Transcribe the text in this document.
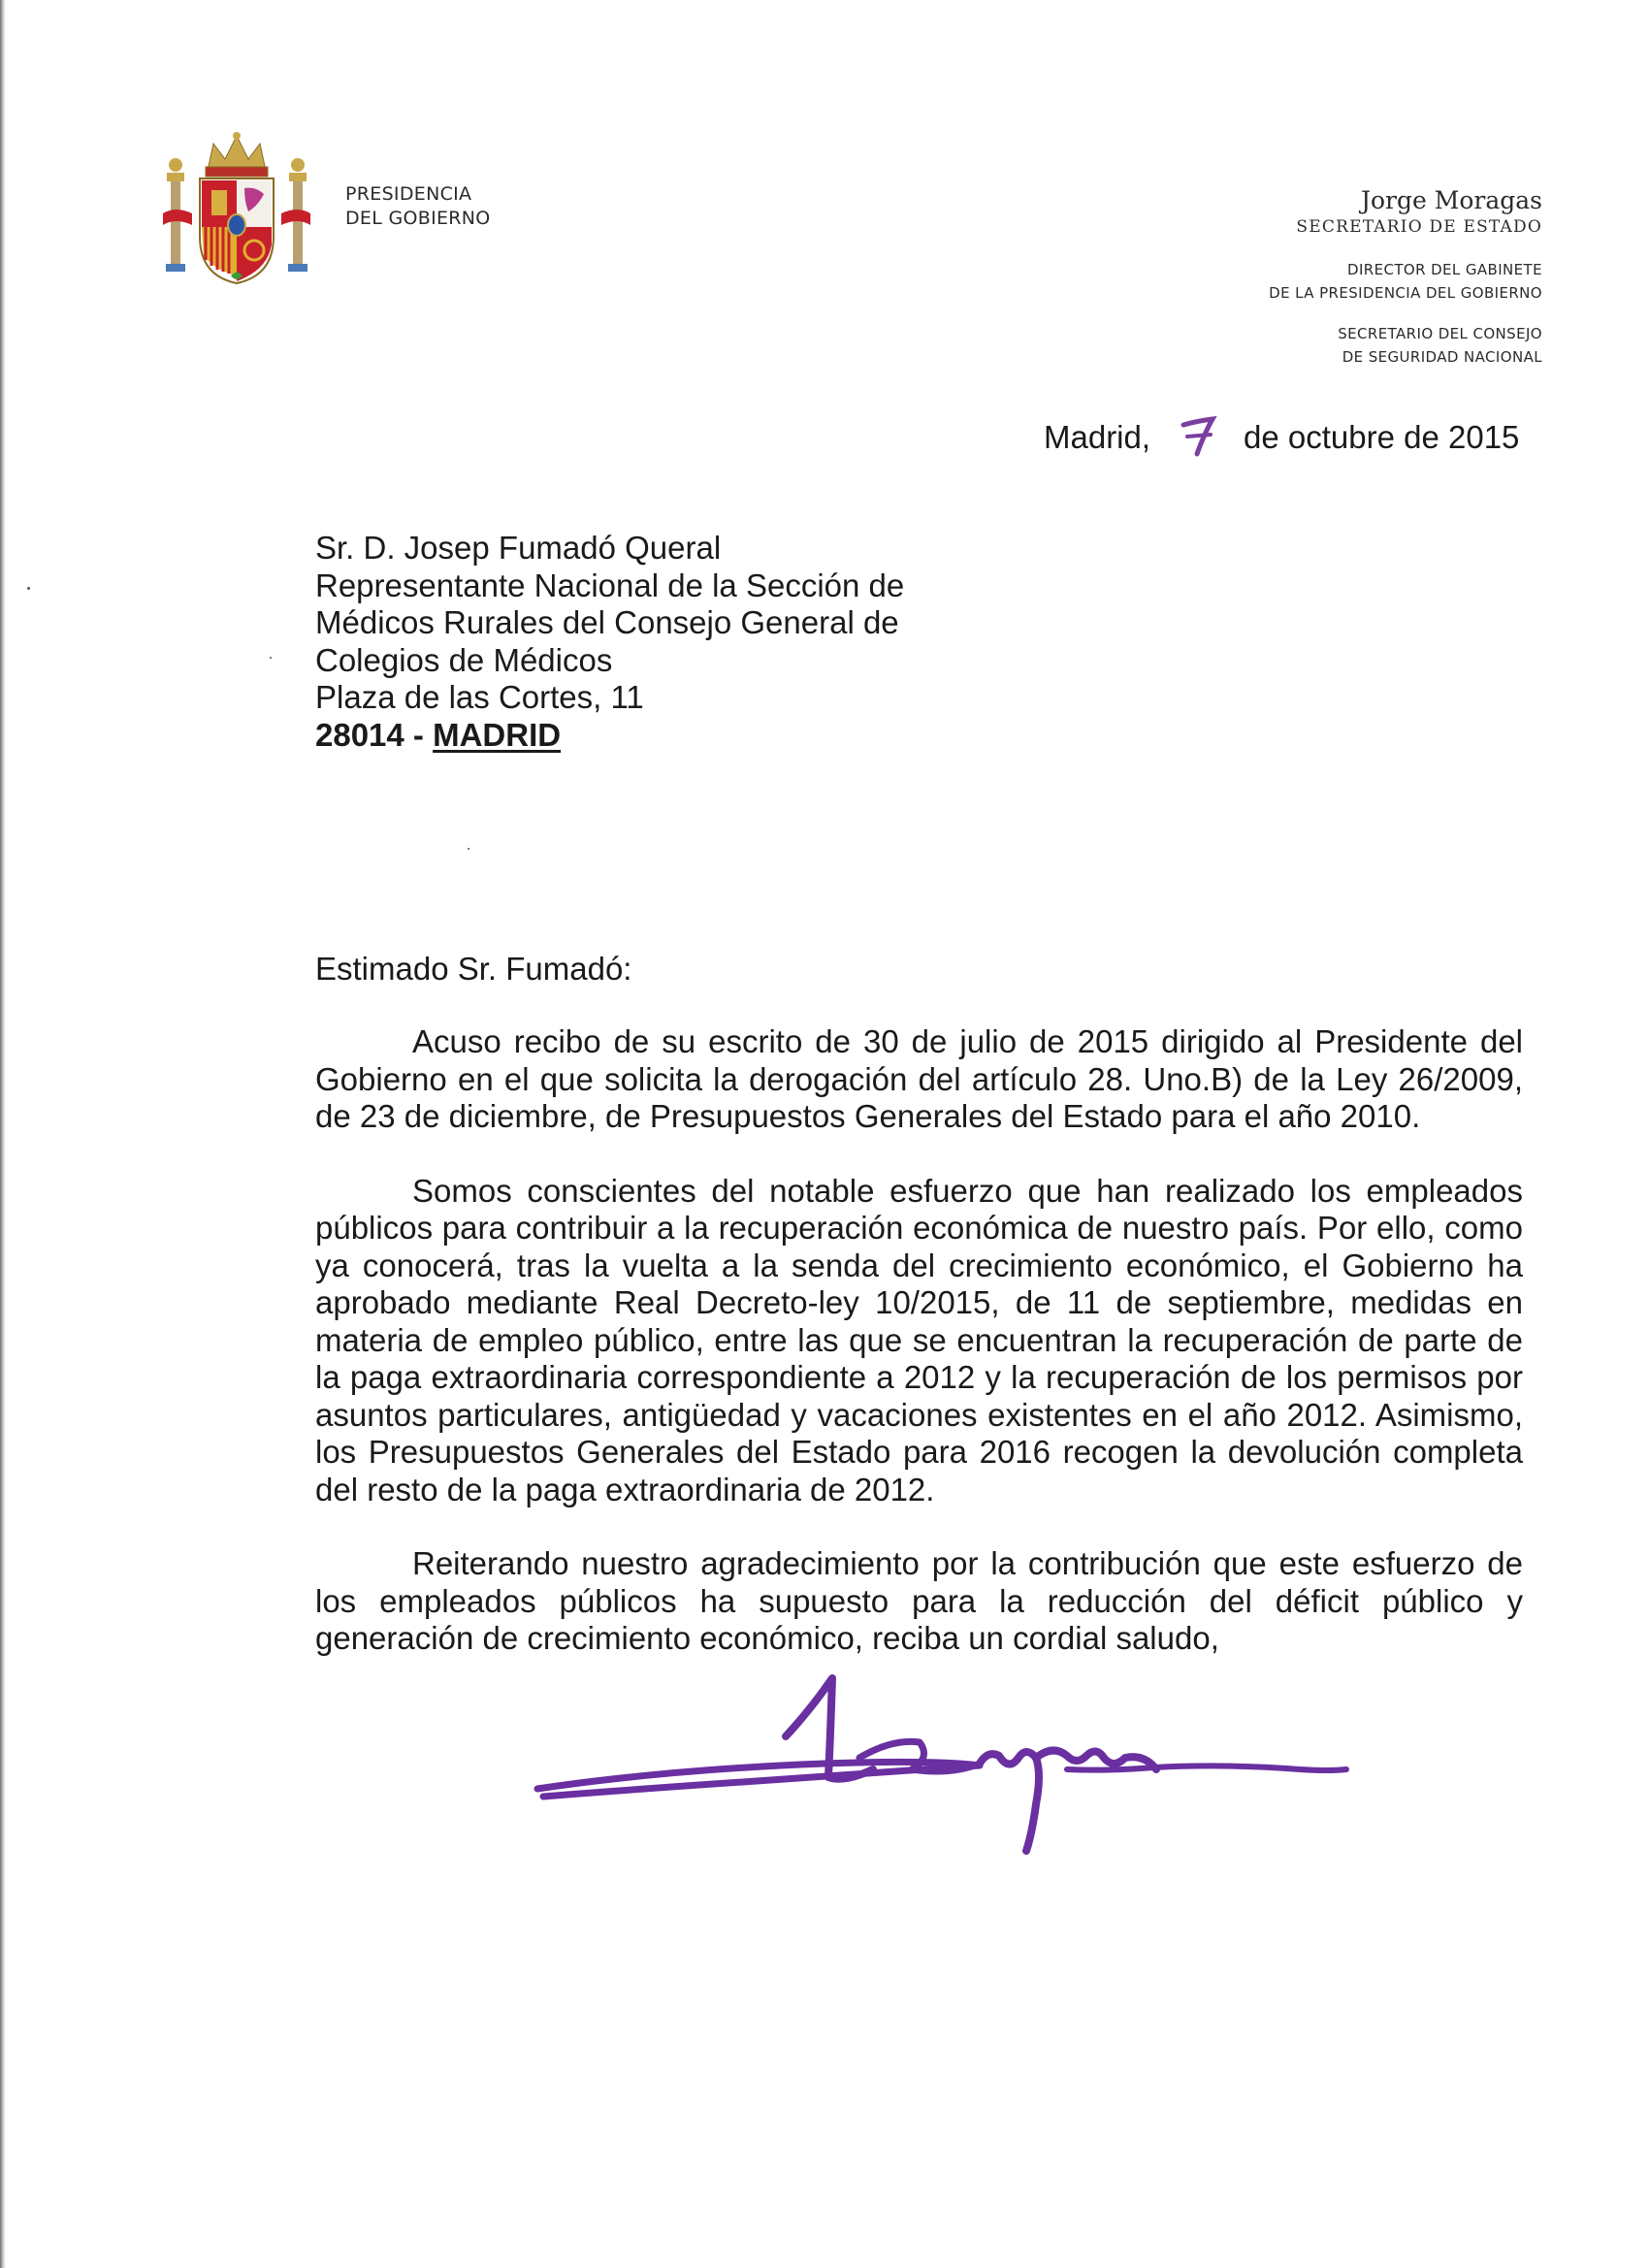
PRESIDENCIA
DEL GOBIERNO
Jorge Moragas
SECRETARIO DE ESTADO
DIRECTOR DEL GABINETE
DE LA PRESIDENCIA DEL GOBIERNO
SECRETARIO DEL CONSEJO
DE SEGURIDAD NACIONAL
Madrid,	de octubre de 2015
Sr. D. Josep Fumadó Queral
Representante Nacional de la Sección de
Médicos Rurales del Consejo General de
Colegios de Médicos
Plaza de las Cortes, 11
28014 - MADRID
Estimado Sr. Fumadó:

Acuso recibo de su escrito de 30 de julio de 2015 dirigido al Presidente del Gobierno en el que solicita la derogación del artículo 28. Uno.B) de la Ley 26/2009, de 23 de diciembre, de Presupuestos Generales del Estado para el año 2010.

Somos conscientes del notable esfuerzo que han realizado los empleados públicos para contribuir a la recuperación económica de nuestro país. Por ello, como ya conocerá, tras la vuelta a la senda del crecimiento económico, el Gobierno ha aprobado mediante Real Decreto-ley 10/2015, de 11 de septiembre, medidas en materia de empleo público, entre las que se encuentran la recuperación de parte de la paga extraordinaria correspondiente a 2012 y la recuperación de los permisos por asuntos particulares, antigüedad y vacaciones existentes en el año 2012. Asimismo, los Presupuestos Generales del Estado para 2016 recogen la devolución completa del resto de la paga extraordinaria de 2012.

Reiterando nuestro agradecimiento por la contribución que este esfuerzo de los empleados públicos ha supuesto para la reducción del déficit público y generación de crecimiento económico, reciba un cordial saludo,
